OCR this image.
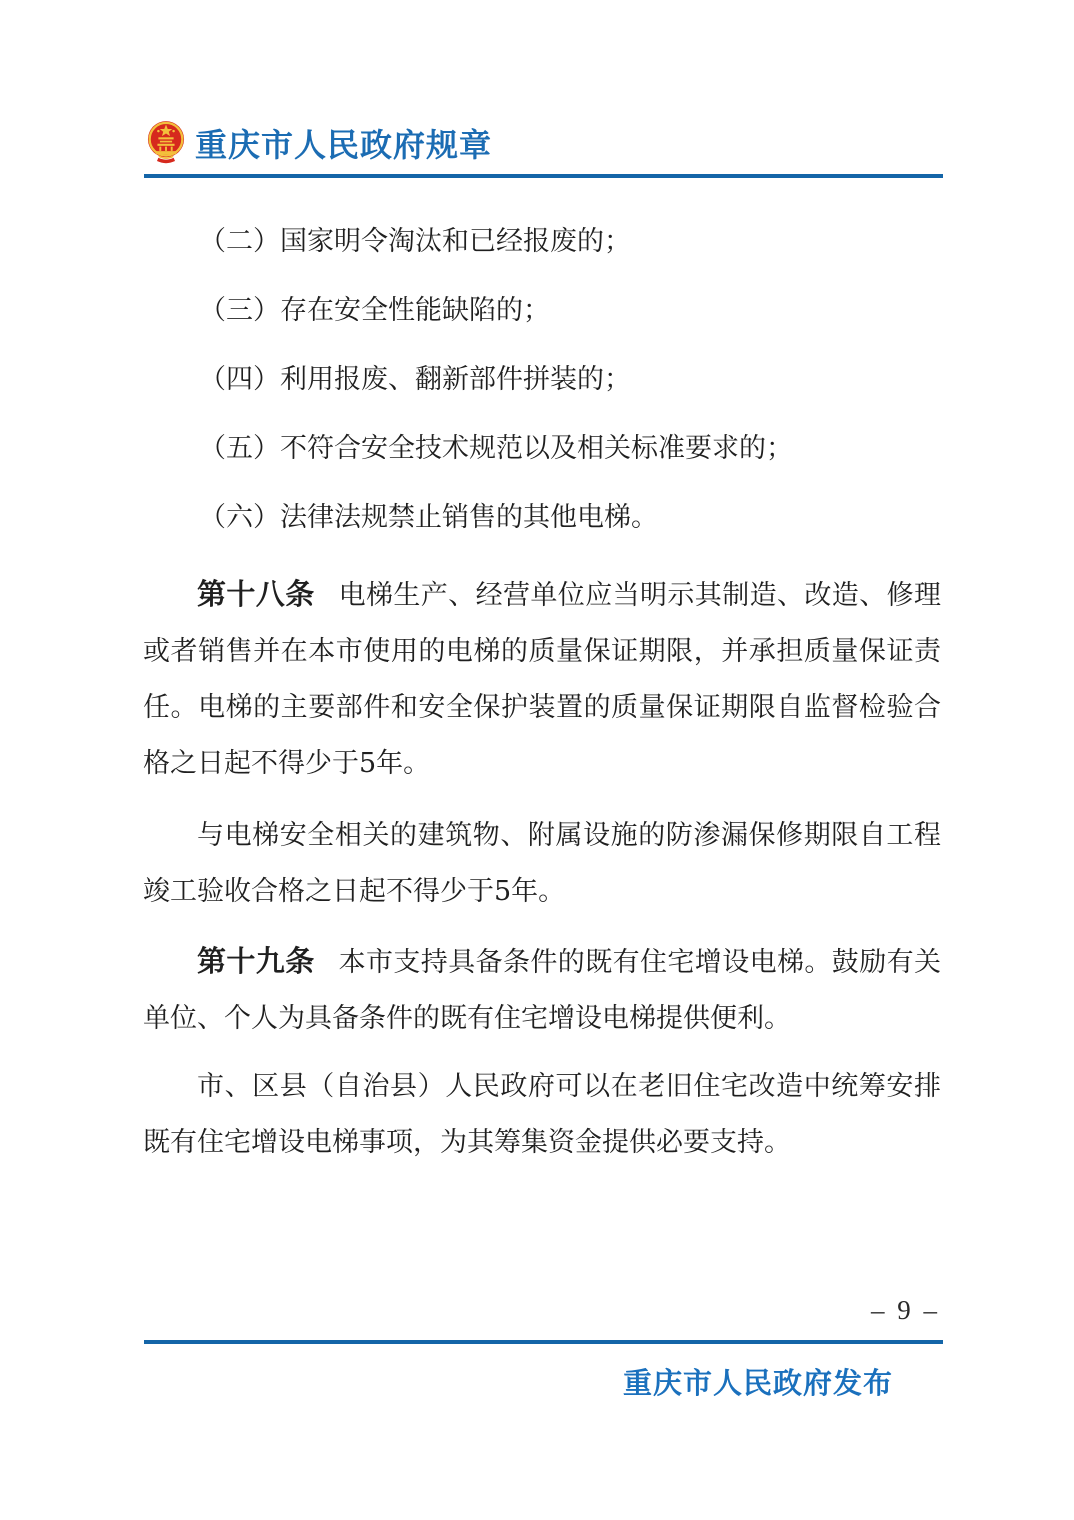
重庆市人民政府规章

（二）国家明令淘汰和已经报废的；

（三）存在安全性能缺陷的；

（四）利用报废、翻新部件拼装的；

（五）不符合安全技术规范以及相关标准要求的；

（六）法律法规禁止销售的其他电梯。

第十八条 电梯生产、经营单位应当明示其制造、改造、修理
或者销售并在本市使用的电梯的质量保证期限，并承担质量保证责
任。电梯的主要部件和安全保护装置的质量保证期限自监督检验合
格之日起不得少于5年。
与电梯安全相关的建筑物、附属设施的防渗漏保修期限自工程
竣工验收合格之日起不得少于5年。
第十九条 本市支持具备条件的既有住宅增设电梯。鼓励有关
单位、个人为具备条件的既有住宅增设电梯提供便利。
市、区县（自治县）人民政府可以在老旧住宅改造中统筹安排
既有住宅增设电梯事项，为其筹集资金提供必要支持。
– 9 –
重庆市人民政府发布
